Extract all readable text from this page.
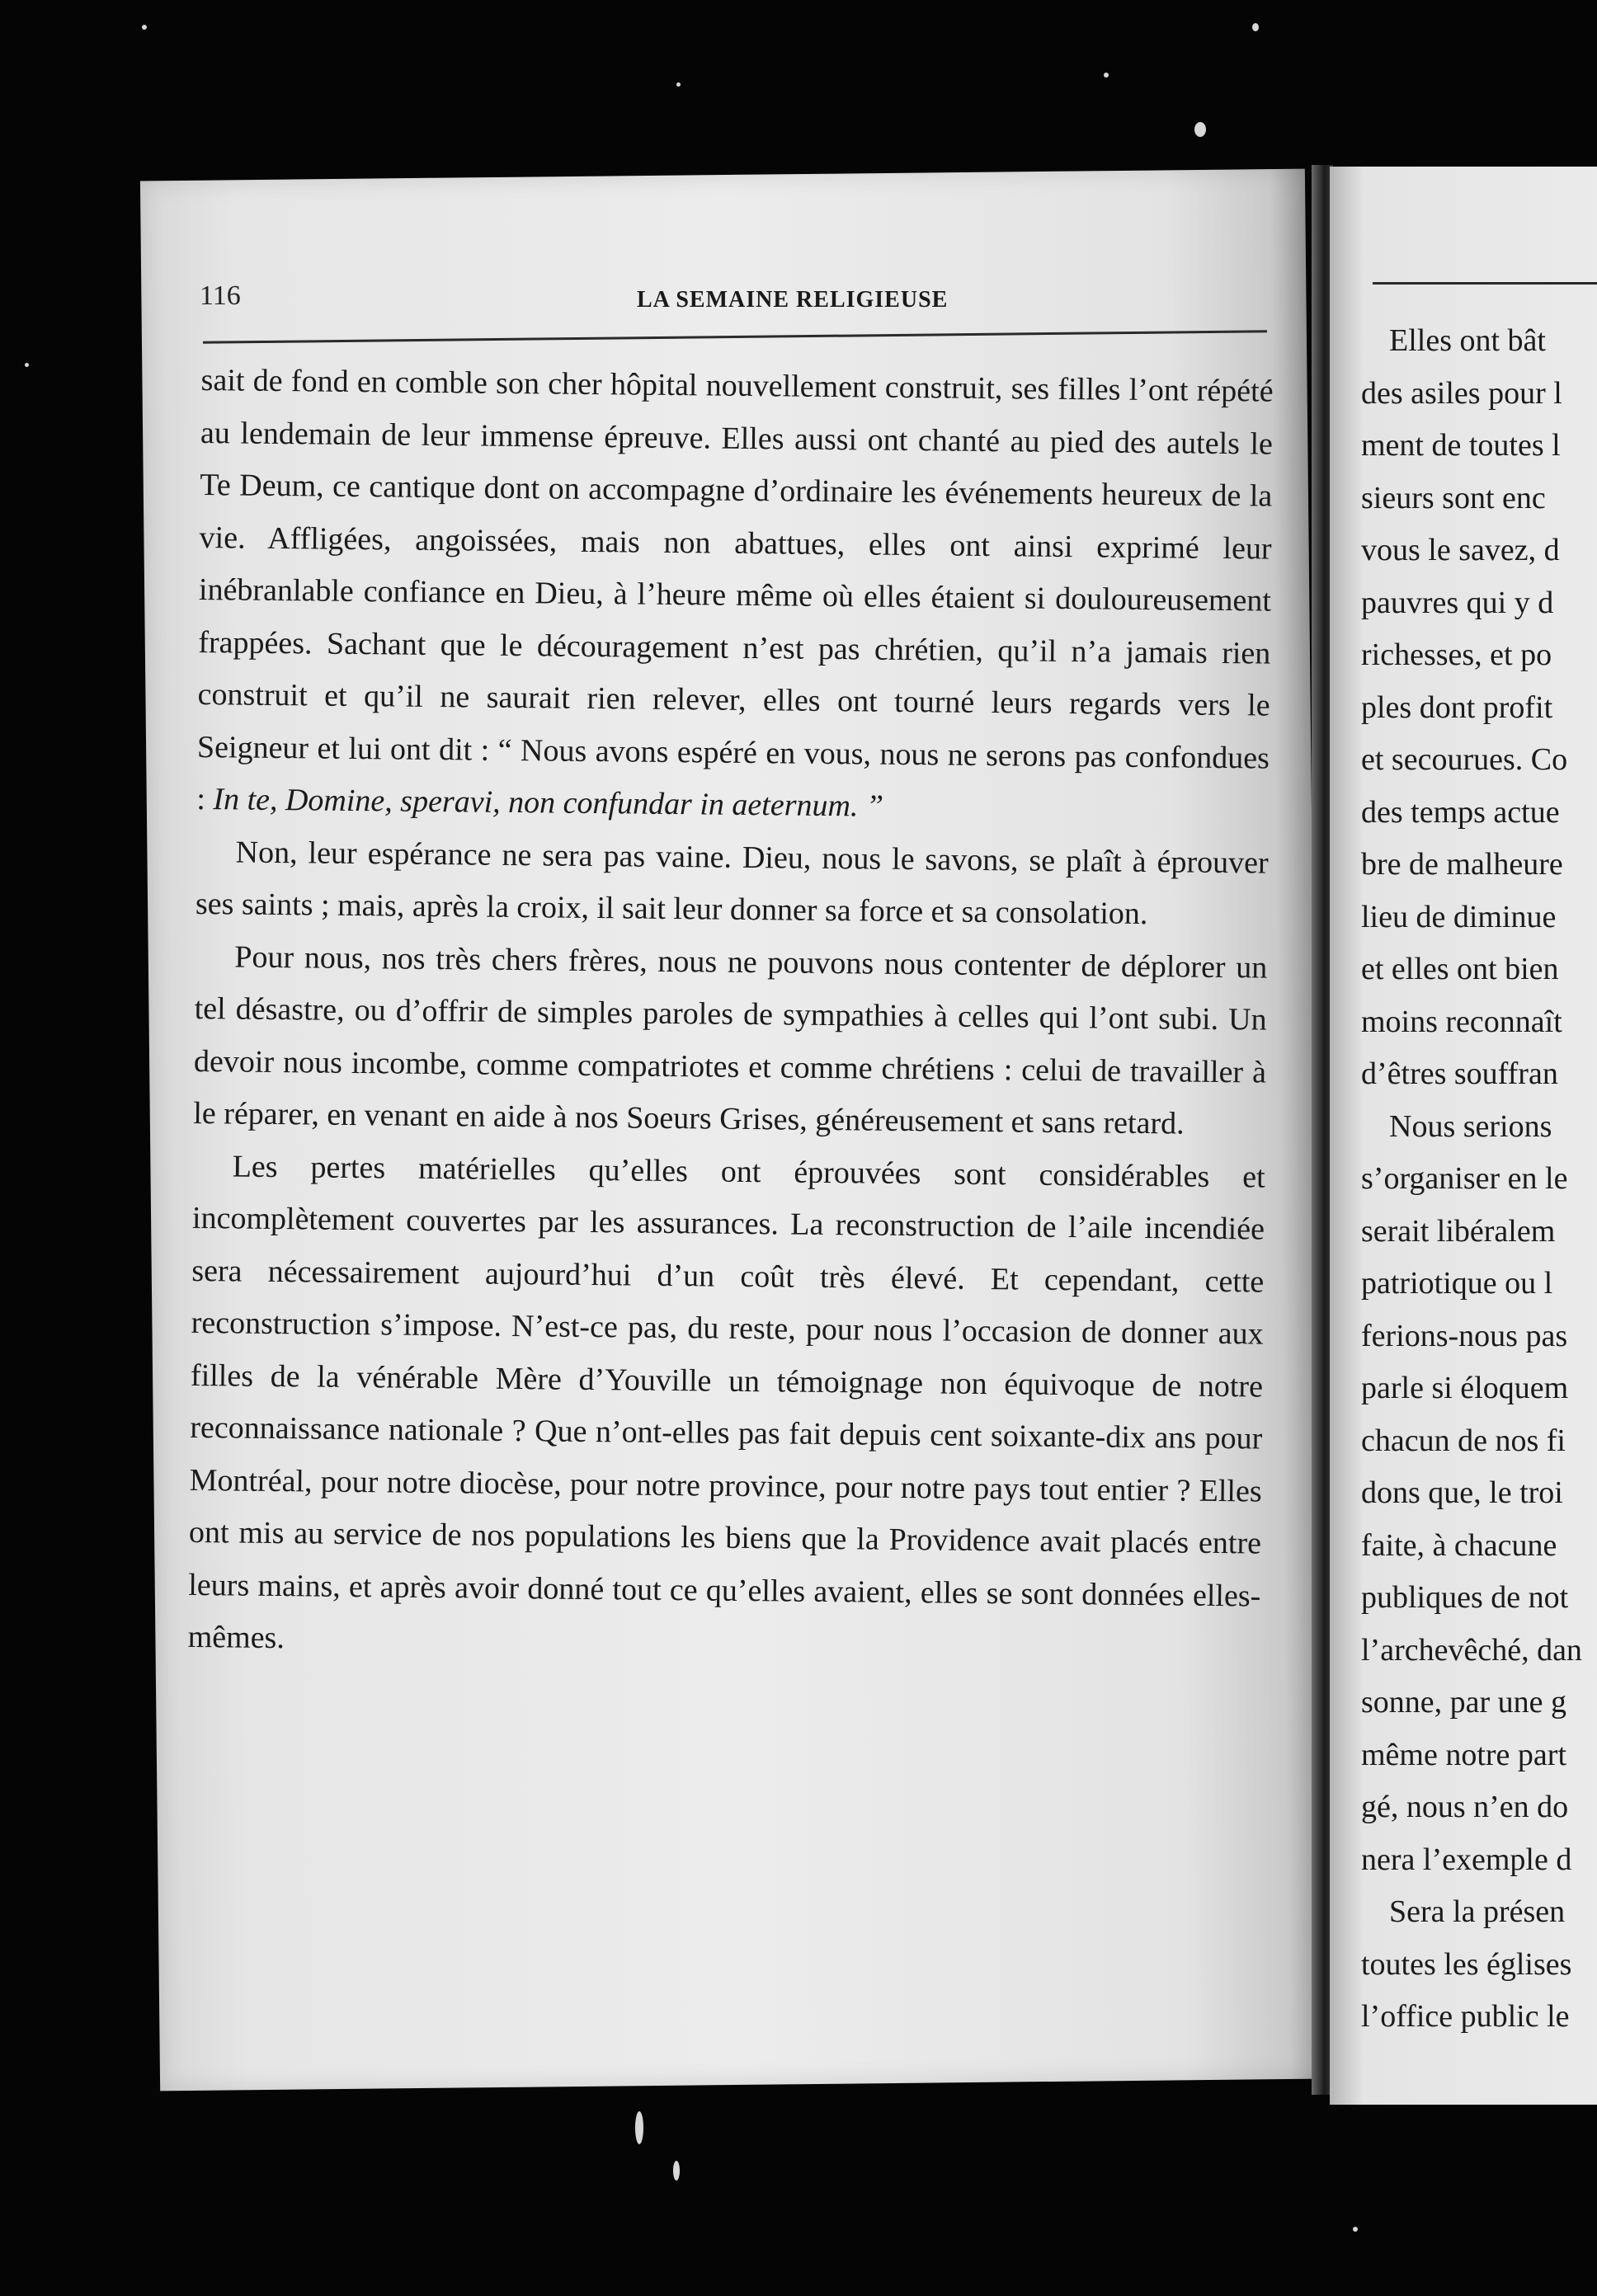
116	LA SEMAINE RELIGIEUSE

sait de fond en comble son cher hôpital nouvellement construit, ses filles l’ont répété au lendemain de leur immense épreuve. Elles aussi ont chanté au pied des autels le Te Deum, ce cantique dont on accompagne d’ordinaire les événements heureux de la vie. Affligées, angoissées, mais non abattues, elles ont ainsi exprimé leur inébranlable confiance en Dieu, à l’heure même où elles étaient si douloureusement frappées. Sachant que le découragement n’est pas chrétien, qu’il n’a jamais rien construit et qu’il ne saurait rien relever, elles ont tourné leurs regards vers le Seigneur et lui ont dit : “ Nous avons espéré en vous, nous ne serons pas confondues : In te, Domine, speravi, non confundar in aeternum. ”

Non, leur espérance ne sera pas vaine. Dieu, nous le savons, se plaît à éprouver ses saints ; mais, après la croix, il sait leur donner sa force et sa consolation.

Pour nous, nos très chers frères, nous ne pouvons nous contenter de déplorer un tel désastre, ou d’offrir de simples paroles de sympathies à celles qui l’ont subi. Un devoir nous incombe, comme compatriotes et comme chrétiens : celui de travailler à le réparer, en venant en aide à nos Soeurs Grises, généreusement et sans retard.

Les pertes matérielles qu’elles ont éprouvées sont considérables et incomplètement couvertes par les assurances. La reconstruction de l’aile incendiée sera nécessairement aujourd’hui d’un coût très élevé. Et cependant, cette reconstruction s’impose. N’est-ce pas, du reste, pour nous l’occasion de donner aux filles de la vénérable Mère d’Youville un témoignage non équivoque de notre reconnaissance nationale ? Que n’ont-elles pas fait depuis cent soixante-dix ans pour Montréal, pour notre diocèse, pour notre province, pour notre pays tout entier ? Elles ont mis au service de nos populations les biens que la Providence avait placés entre leurs mains, et après avoir donné tout ce qu’elles avaient, elles se sont données elles-mêmes.

Elles ont bât
des asiles pour l
ment de toutes l
sieurs sont enc
vous le savez, d
pauvres qui y d
richesses, et po
ples dont profit
et secourues. Co
des temps actue
bre de malheure
lieu de diminue
et elles ont bien
moins reconnaît
d’êtres souffran
Nous serions
s’organiser en le
serait libéralem
patriotique ou l
ferions-nous pas
parle si éloquem
chacun de nos fi
dons que, le troi
faite, à chacune
publiques de not
l’archevêché, dan
sonne, par une g
même notre part
gé, nous n’en do
nera l’exemple d
Sera la présen
toutes les églises
l’office public le
